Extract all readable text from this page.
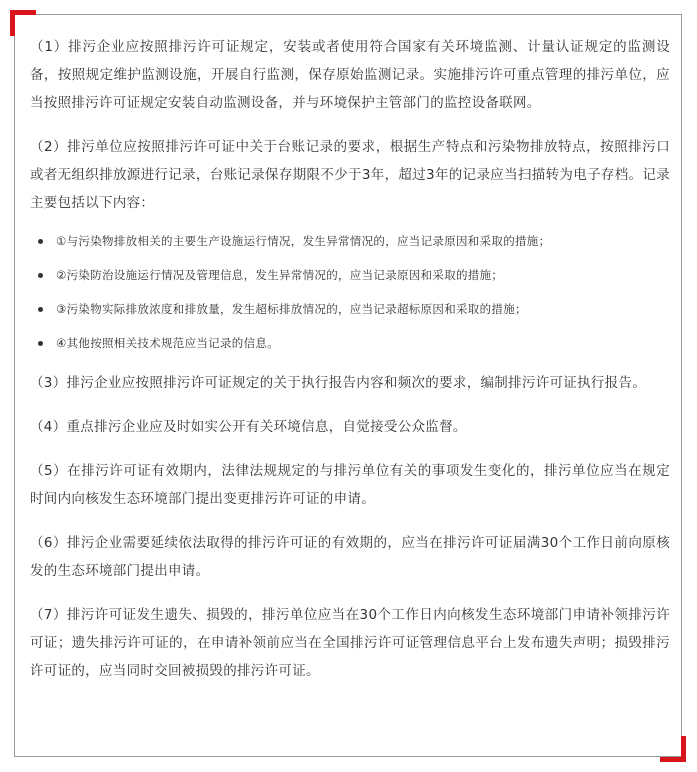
（1）排污企业应按照排污许可证规定，安装或者使用符合国家有关环境监测、计量认证规定的监测设备，按照规定维护监测设施，开展自行监测，保存原始监测记录。实施排污许可重点管理的排污单位，应当按照排污许可证规定安装自动监测设备，并与环境保护主管部门的监控设备联网。

（2）排污单位应按照排污许可证中关于台账记录的要求，根据生产特点和污染物排放特点，按照排污口或者无组织排放源进行记录，台账记录保存期限不少于3年，超过3年的记录应当扫描转为电子存档。记录主要包括以下内容：

①与污染物排放相关的主要生产设施运行情况，发生异常情况的，应当记录原因和采取的措施；
②污染防治设施运行情况及管理信息，发生异常情况的，应当记录原因和采取的措施；
③污染物实际排放浓度和排放量，发生超标排放情况的，应当记录超标原因和采取的措施；
④其他按照相关技术规范应当记录的信息。

（3）排污企业应按照排污许可证规定的关于执行报告内容和频次的要求，编制排污许可证执行报告。

（4）重点排污企业应及时如实公开有关环境信息，自觉接受公众监督。

（5）在排污许可证有效期内，法律法规规定的与排污单位有关的事项发生变化的，排污单位应当在规定时间内向核发生态环境部门提出变更排污许可证的申请。

（6）排污企业需要延续依法取得的排污许可证的有效期的，应当在排污许可证届满30个工作日前向原核发的生态环境部门提出申请。

（7）排污许可证发生遗失、损毁的，排污单位应当在30个工作日内向核发生态环境部门申请补领排污许可证；遗失排污许可证的，在申请补领前应当在全国排污许可证管理信息平台上发布遗失声明；损毁排污许可证的，应当同时交回被损毁的排污许可证。
